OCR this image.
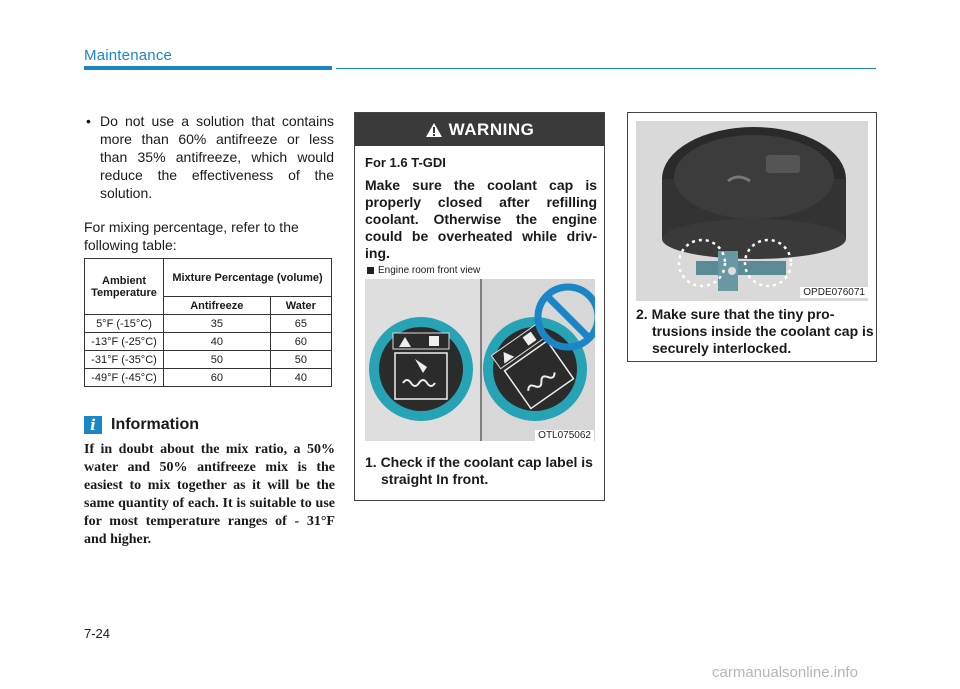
Maintenance
• Do not use a solution that contains more than 60% antifreeze or less than 35% antifreeze, which would reduce the effectiveness of the solution.
For mixing percentage, refer to the following table:
Ambient Temperature	Mixture Percentage (volume)	
	Antifreeze	Water
5°F (-15°C)	35	65
-13°F (-25°C)	40	60
-31°F (-35°C)	50	50
-49°F (-45°C)	60	40
i Information
If in doubt about the mix ratio, a 50% water and 50% antifreeze mix is the easiest to mix together as it will be the same quantity of each. It is suitable to use for most temperature ranges of - 31°F and higher.
WARNING
For 1.6 T-GDI
Make sure the coolant cap is properly closed after refilling coolant. Otherwise the engine could be overheated while driv-ing.
Engine room front view
OTL075062
1. Check if the coolant cap label is straight In front.
OPDE076071
2. Make sure that the tiny pro-trusions inside the coolant cap is securely interlocked.
7-24
carmanualsonline.info
